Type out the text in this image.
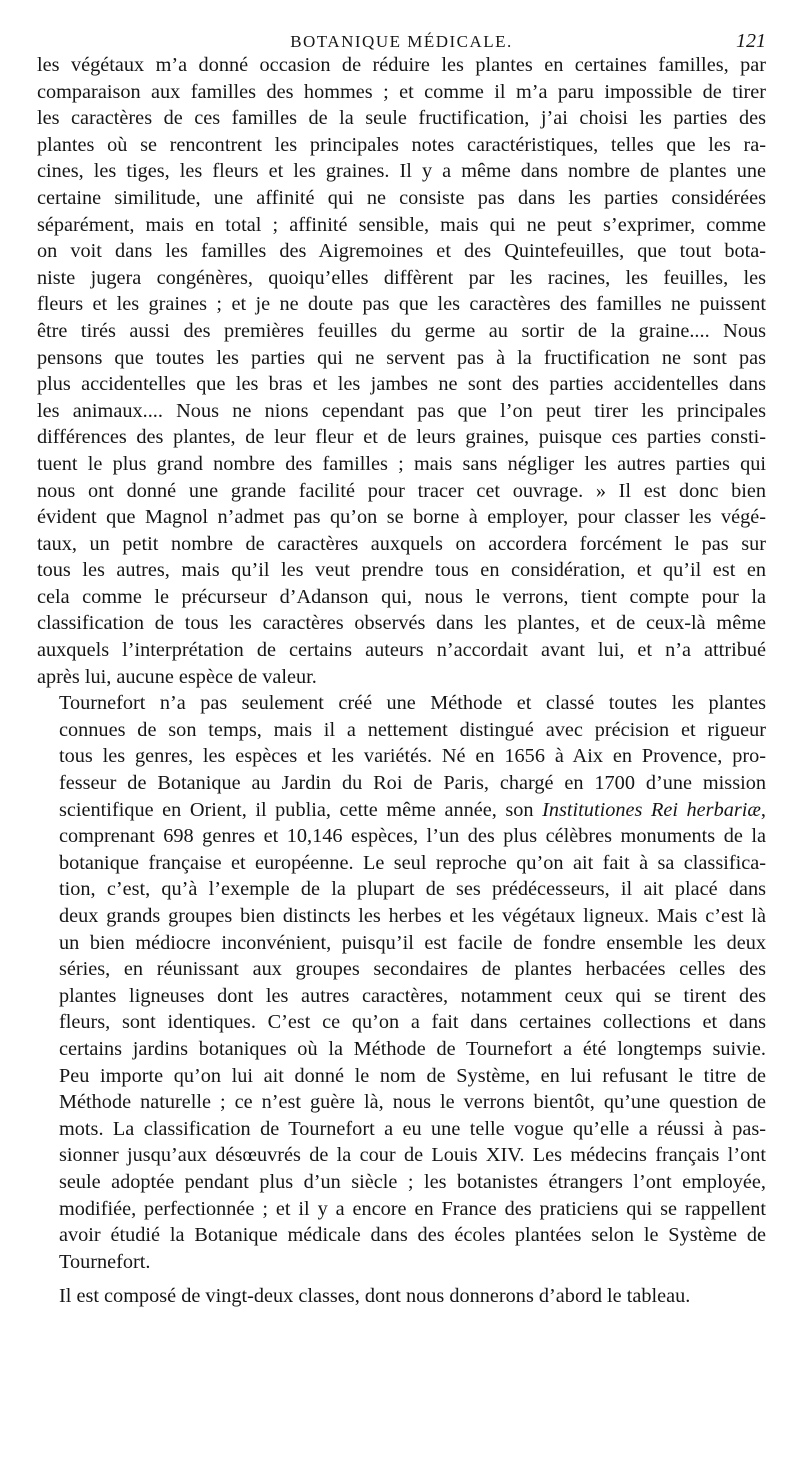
BOTANIQUE MÉDICALE.	121

les végétaux m’a donné occasion de réduire les plantes en certaines familles, par
comparaison aux familles des hommes ; et comme il m’a paru impossible de tirer
les caractères de ces familles de la seule fructification, j’ai choisi les parties des
plantes où se rencontrent les principales notes caractéristiques, telles que les ra-
cines, les tiges, les fleurs et les graines. Il y a même dans nombre de plantes une
certaine similitude, une affinité qui ne consiste pas dans les parties considérées
séparément, mais en total ; affinité sensible, mais qui ne peut s’exprimer, comme
on voit dans les familles des Aigremoines et des Quintefeuilles, que tout bota-
niste jugera congénères, quoiqu’elles diffèrent par les racines, les feuilles, les
fleurs et les graines ; et je ne doute pas que les caractères des familles ne puissent
être tirés aussi des premières feuilles du germe au sortir de la graine.... Nous
pensons que toutes les parties qui ne servent pas à la fructification ne sont pas
plus accidentelles que les bras et les jambes ne sont des parties accidentelles dans
les animaux.... Nous ne nions cependant pas que l’on peut tirer les principales
différences des plantes, de leur fleur et de leurs graines, puisque ces parties consti-
tuent le plus grand nombre des familles ; mais sans négliger les autres parties qui
nous ont donné une grande facilité pour tracer cet ouvrage. » Il est donc bien
évident que Magnol n’admet pas qu’on se borne à employer, pour classer les végé-
taux, un petit nombre de caractères auxquels on accordera forcément le pas sur
tous les autres, mais qu’il les veut prendre tous en considération, et qu’il est en
cela comme le précurseur d’Adanson qui, nous le verrons, tient compte pour la
classification de tous les caractères observés dans les plantes, et de ceux-là même
auxquels l’interprétation de certains auteurs n’accordait avant lui, et n’a attribué
après lui, aucune espèce de valeur.

Tournefort n’a pas seulement créé une Méthode et classé toutes les plantes
connues de son temps, mais il a nettement distingué avec précision et rigueur
tous les genres, les espèces et les variétés. Né en 1656 à Aix en Provence, pro-
fesseur de Botanique au Jardin du Roi de Paris, chargé en 1700 d’une mission
scientifique en Orient, il publia, cette même année, son Institutiones Rei herbariæ,
comprenant 698 genres et 10,146 espèces, l’un des plus célèbres monuments de la
botanique française et européenne. Le seul reproche qu’on ait fait à sa classifica-
tion, c’est, qu’à l’exemple de la plupart de ses prédécesseurs, il ait placé dans
deux grands groupes bien distincts les herbes et les végétaux ligneux. Mais c’est là
un bien médiocre inconvénient, puisqu’il est facile de fondre ensemble les deux
séries, en réunissant aux groupes secondaires de plantes herbacées celles des
plantes ligneuses dont les autres caractères, notamment ceux qui se tirent des
fleurs, sont identiques. C’est ce qu’on a fait dans certaines collections et dans
certains jardins botaniques où la Méthode de Tournefort a été longtemps suivie.
Peu importe qu’on lui ait donné le nom de Système, en lui refusant le titre de
Méthode naturelle ; ce n’est guère là, nous le verrons bientôt, qu’une question de
mots. La classification de Tournefort a eu une telle vogue qu’elle a réussi à pas-
sionner jusqu’aux désœuvrés de la cour de Louis XIV. Les médecins français l’ont
seule adoptée pendant plus d’un siècle ; les botanistes étrangers l’ont employée,
modifiée, perfectionnée ; et il y a encore en France des praticiens qui se rappellent
avoir étudié la Botanique médicale dans des écoles plantées selon le Système de
Tournefort.

Il est composé de vingt-deux classes, dont nous donnerons d’abord le tableau.
